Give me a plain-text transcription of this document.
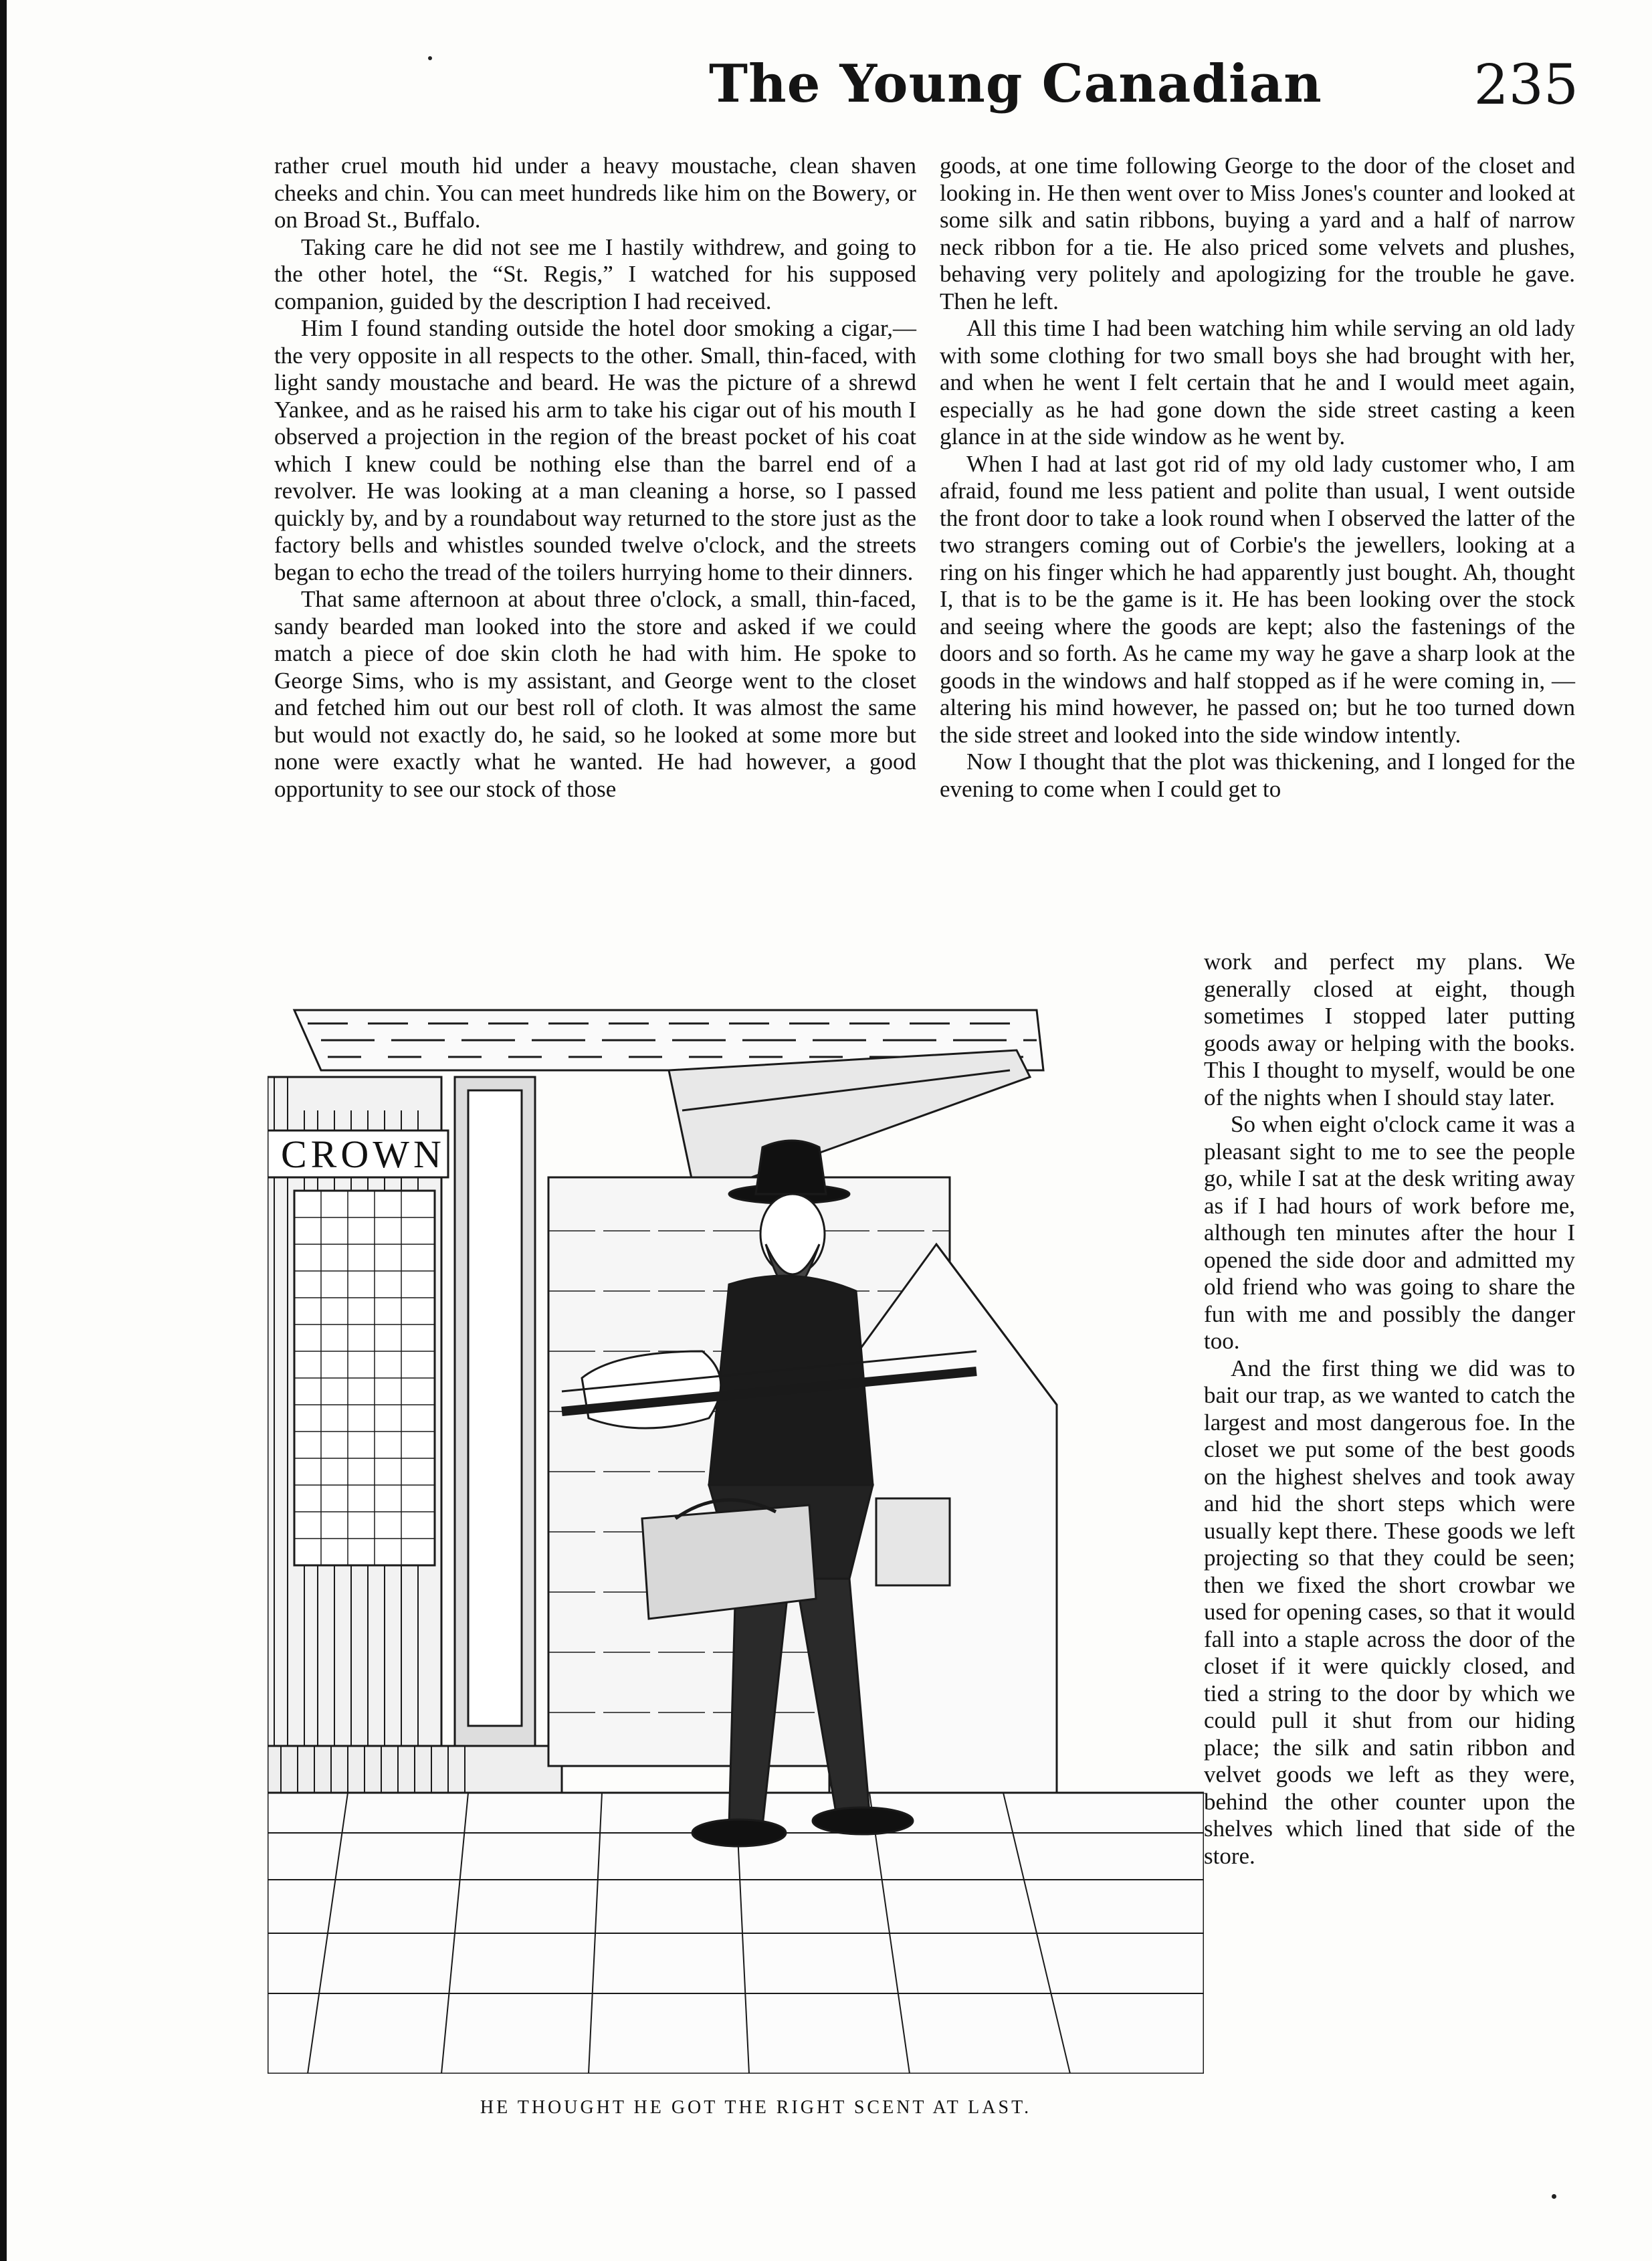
The Young Canadian	235

rather cruel mouth hid under a heavy moustache, clean shaven cheeks and chin. You can meet hundreds like him on the Bowery, or on Broad St., Buffalo.

Taking care he did not see me I hastily withdrew, and going to the other hotel, the “St. Regis,” I watched for his supposed companion, guided by the description I had received.

Him I found standing outside the hotel door smoking a cigar,—the very opposite in all respects to the other. Small, thin-faced, with light sandy moustache and beard. He was the picture of a shrewd Yankee, and as he raised his arm to take his cigar out of his mouth I observed a projection in the region of the breast pocket of his coat which I knew could be nothing else than the barrel end of a revolver. He was looking at a man cleaning a horse, so I passed quickly by, and by a roundabout way returned to the store just as the factory bells and whistles sounded twelve o'clock, and the streets began to echo the tread of the toilers hurrying home to their dinners.

That same afternoon at about three o'clock, a small, thin-faced, sandy bearded man looked into the store and asked if we could match a piece of doe skin cloth he had with him. He spoke to George Sims, who is my assistant, and George went to the closet and fetched him out our best roll of cloth. It was almost the same but would not exactly do, he said, so he looked at some more but none were exactly what he wanted. He had however, a good opportunity to see our stock of those

goods, at one time following George to the door of the closet and looking in. He then went over to Miss Jones's counter and looked at some silk and satin ribbons, buying a yard and a half of narrow neck ribbon for a tie. He also priced some velvets and plushes, behaving very politely and apologizing for the trouble he gave. Then he left.

All this time I had been watching him while serving an old lady with some clothing for two small boys she had brought with her, and when he went I felt certain that he and I would meet again, especially as he had gone down the side street casting a keen glance in at the side window as he went by.

When I had at last got rid of my old lady customer who, I am afraid, found me less patient and polite than usual, I went outside the front door to take a look round when I observed the latter of the two strangers coming out of Corbie's the jewellers, looking at a ring on his finger which he had apparently just bought. Ah, thought I, that is to be the game is it. He has been looking over the stock and seeing where the goods are kept; also the fastenings of the doors and so forth. As he came my way he gave a sharp look at the goods in the windows and half stopped as if he were coming in, —altering his mind however, he passed on; but he too turned down the side street and looked into the side window intently.

Now I thought that the plot was thickening, and I longed for the evening to come when I could get to

work and perfect my plans. We generally closed at eight, though sometimes I stopped later putting goods away or helping with the books. This I thought to myself, would be one of the nights when I should stay later.

So when eight o'clock came it was a pleasant sight to me to see the people go, while I sat at the desk writing away as if I had hours of work before me, although ten minutes after the hour I opened the side door and admitted my old friend who was going to share the fun with me and possibly the danger too.

And the first thing we did was to bait our trap, as we wanted to catch the largest and most dangerous foe. In the closet we put some of the best goods on the highest shelves and took away and hid the short steps which were usually kept there. These goods we left projecting so that they could be seen; then we fixed the short crowbar we used for opening cases, so that it would fall into a staple across the door of the closet if it were quickly closed, and tied a string to the door by which we could pull it shut from our hiding place; the silk and satin ribbon and velvet goods we left as they were, behind the other counter upon the shelves which lined that side of the store.

CROWN
HE THOUGHT HE GOT THE RIGHT SCENT AT LAST.
